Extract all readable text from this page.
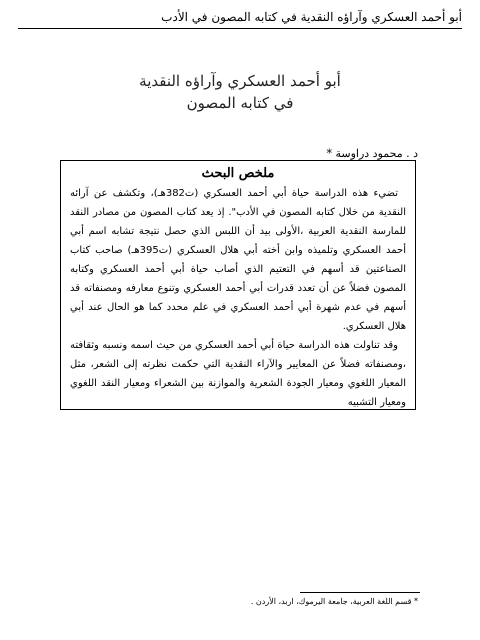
أبو أحمد العسكري وآراؤه النقدية في كتابه المصون في الأدب
أبو أحمد العسكري وآراؤه النقدية
في كتابه المصون
د . محمود دراوسة *
ملخص البحث

تضيء هذه الدراسة حياة أبي أحمد العسكري (ت382هـ)، وتكشف عن آرائه النقدية من خلال كتابه المصون في الأدب". إذ يعد كتاب المصون من مصادر النقد للمارسة النقدية العربية ،الأولى بيد أن اللبس الذي حصل نتيجة تشابه اسم أبي أحمد العسكري وتلميذه وابن أخته أبي هلال العسكري (ت395هـ) صاحب كتاب الصناعتين قد أسهم في التعتيم الذي أصاب حياة أبي أحمد العسكري وكتابه المصون فضلاً عن أن تعدد قدرات أبي أحمد العسكري وتنوع معارفه ومصنفاته قد أسهم في عدم شهرة أبي أحمد العسكري في علم محدد كما هو الحال عند أبي هلال العسكري.

وقد تناولت هذه الدراسة حياة أبي أحمد العسكري من حيث اسمه ونسبه وثقافته ،ومصنفاته فضلاً عن المعايير والآراء النقدية التي حكمت نظرته إلى الشعر، مثل المعيار اللغوي ومعيار الجودة الشعرية والموازنة بين الشعراء ومعيار النقد اللغوي ومعيار التشبيه

* قسم اللغة العربية، جامعة اليرموك، اربد، الأردن .
